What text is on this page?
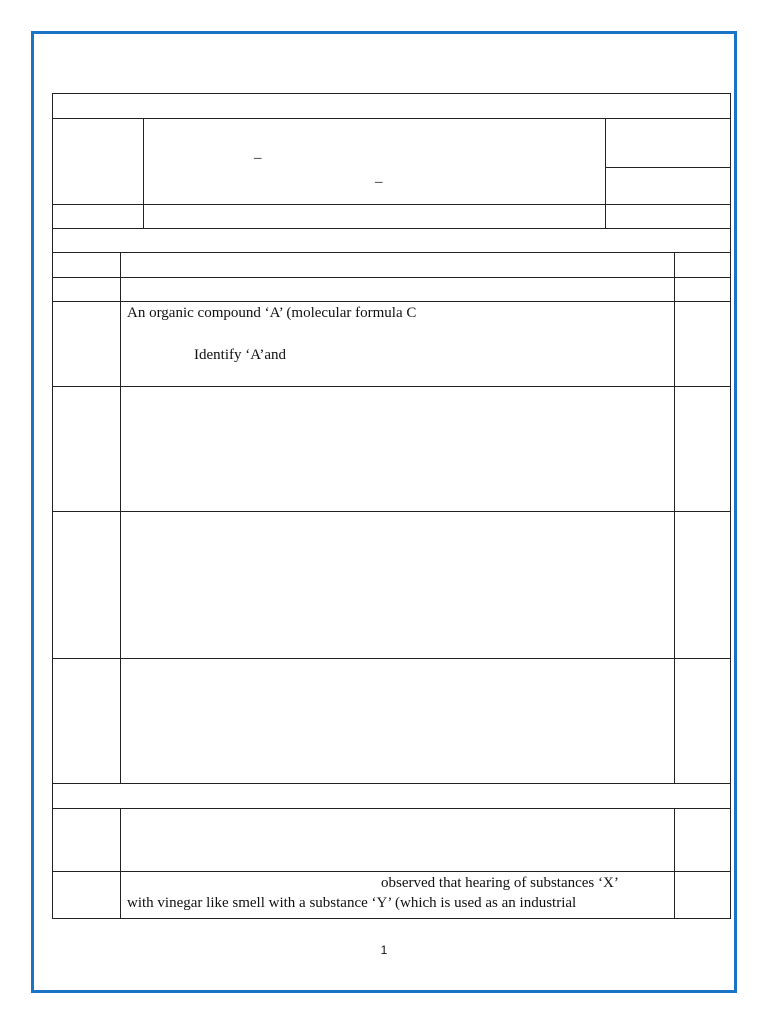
_
_
An organic compound ‘A’ (molecular formula C
Identify ‘A’and
observed that hearing of substances ‘X’
with vinegar like smell with a substance ‘Y’ (which is used as an industrial
1
